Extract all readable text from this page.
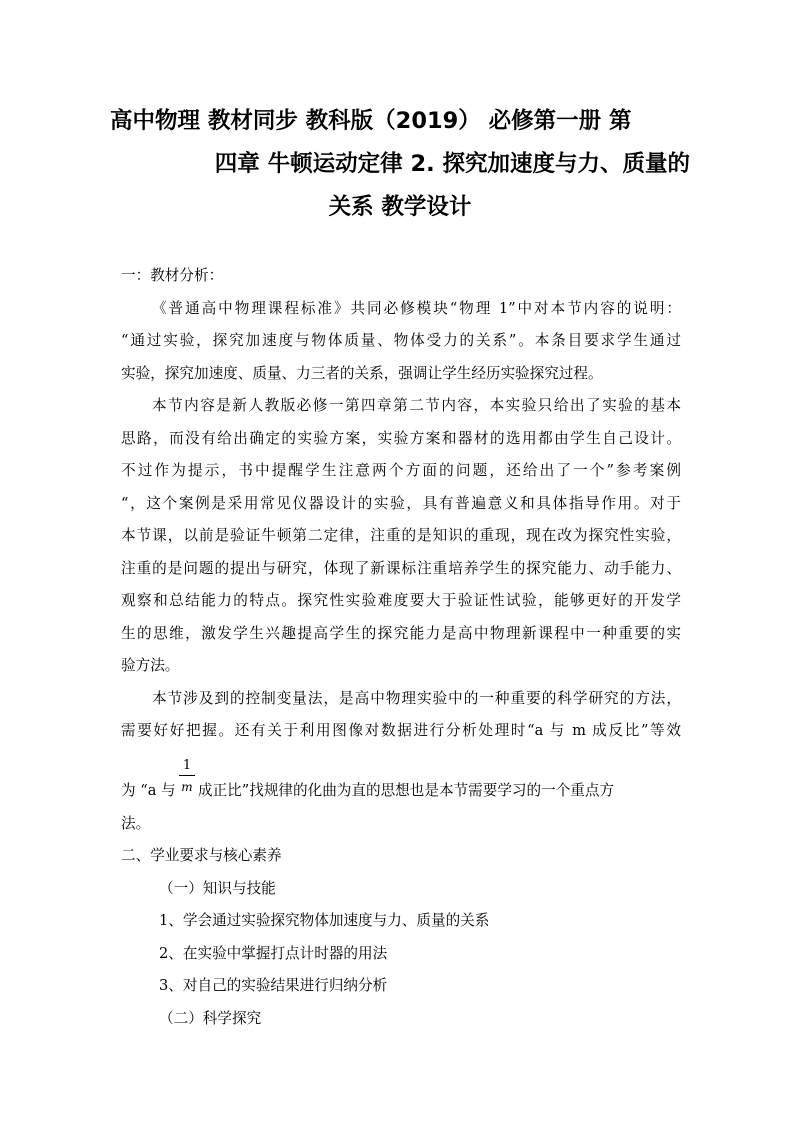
高中物理 教材同步 教科版（2019） 必修第一册 第
四章 牛顿运动定律 2. 探究加速度与力、质量的
关系 教学设计
一：教材分析：
《普通高中物理课程标准》共同必修模块“物理 1”中对本节内容的说明：
“通过实验，探究加速度与物体质量、物体受力的关系”。本条目要求学生通过
实验，探究加速度、质量、力三者的关系，强调让学生经历实验探究过程。
本节内容是新人教版必修一第四章第二节内容，本实验只给出了实验的基本
思路，而没有给出确定的实验方案，实验方案和器材的选用都由学生自己设计。
不过作为提示，书中提醒学生注意两个方面的问题，还给出了一个”参考案例
“，这个案例是采用常见仪器设计的实验，具有普遍意义和具体指导作用。对于
本节课，以前是验证牛顿第二定律，注重的是知识的重现，现在改为探究性实验，
注重的是问题的提出与研究，体现了新课标注重培养学生的探究能力、动手能力、
观察和总结能力的特点。探究性实验难度要大于验证性试验，能够更好的开发学
生的思维，激发学生兴趣提高学生的探究能力是高中物理新课程中一种重要的实
验方法。
本节涉及到的控制变量法，是高中物理实验中的一种重要的科学研究的方法，
需要好好把握。还有关于利用图像对数据进行分析处理时“a 与 m 成反比”等效
为 “a 与 $\frac{1}{m}$ 成正比”找规律的化曲为直的思想也是本节需要学习的一个重点方
法。
二、学业要求与核心素养
（一）知识与技能
1、学会通过实验探究物体加速度与力、质量的关系
2、在实验中掌握打点计时器的用法
3、对自己的实验结果进行归纳分析
（二）科学探究
